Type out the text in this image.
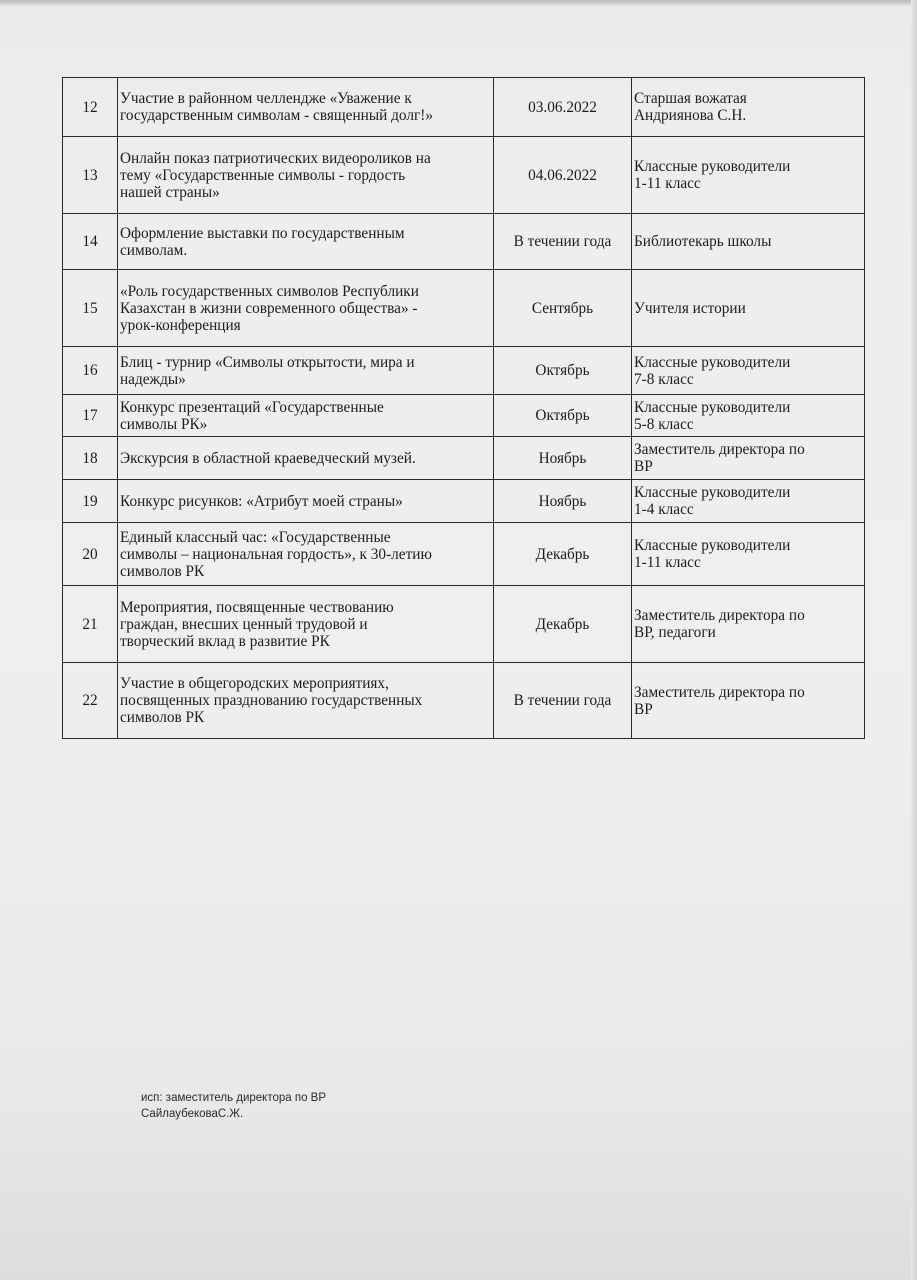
12	Участие в районном челлендже «Уважение к
государственным символам - священный долг!»	03.06.2022	Старшая вожатая
Андриянова С.Н.
13	Онлайн показ патриотических видеороликов на
тему «Государственные символы - гордость
нашей страны»	04.06.2022	Классные руководители
1-11 класс
14	Оформление выставки по государственным
символам.	В течении года	Библиотекарь школы
15	«Роль государственных символов Республики
Казахстан в жизни современного общества» -
урок-конференция	Сентябрь	Учителя истории
16	Блиц - турнир «Символы открытости, мира и
надежды»	Октябрь	Классные руководители
7-8 класс
17	Конкурс презентаций «Государственные
символы РК»	Октябрь	Классные руководители
5-8 класс
18	Экскурсия в областной краеведческий музей.	Ноябрь	Заместитель директора по
ВР
19	Конкурс рисунков: «Атрибут моей страны»	Ноябрь	Классные руководители
1-4 класс
20	Единый классный час: «Государственные
символы – национальная гордость», к 30-летию
символов РК	Декабрь	Классные руководители
1-11 класс
21	Мероприятия, посвященные чествованию
граждан, внесших ценный трудовой и
творческий вклад в развитие РК	Декабрь	Заместитель директора по
ВР, педагоги
22	Участие в общегородских мероприятиях,
посвященных празднованию государственных
символов РК	В течении года	Заместитель директора по
ВР
исп: заместитель директора по ВР
СайлаубековаС.Ж.
